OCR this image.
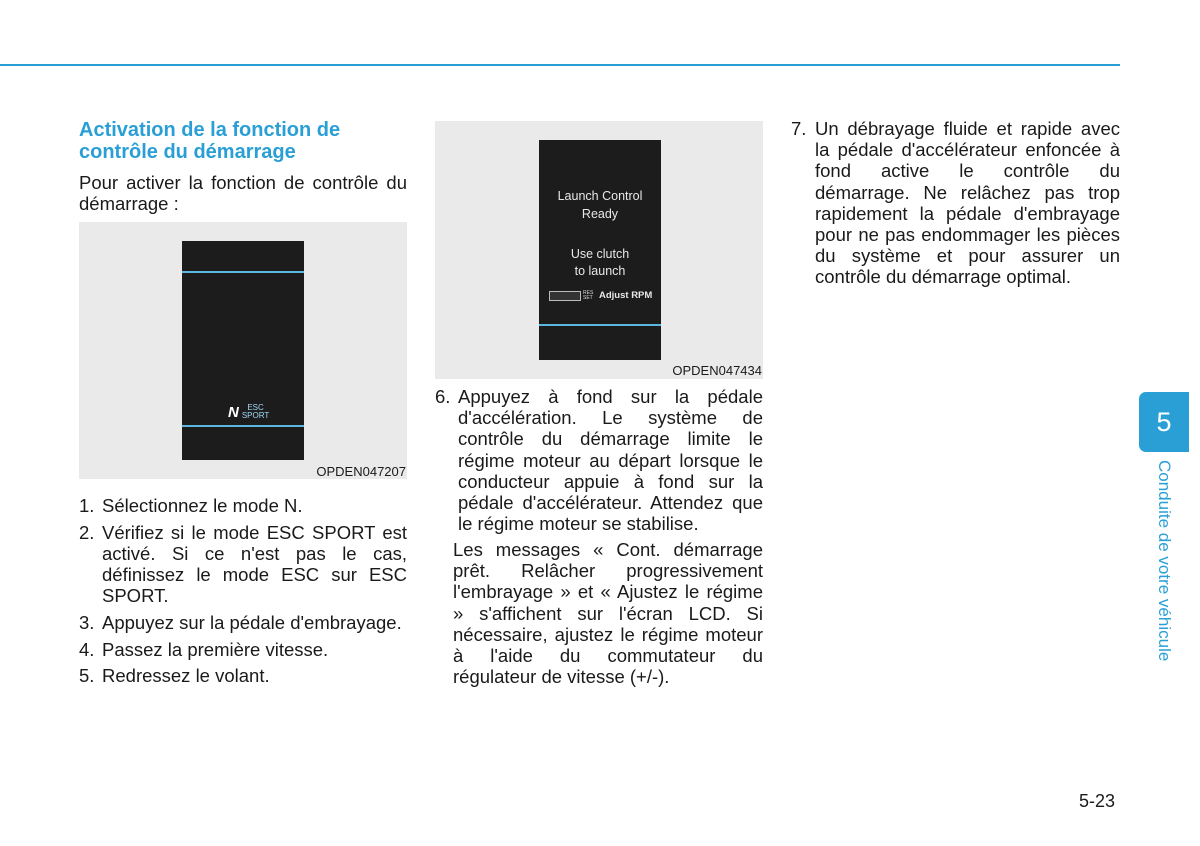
Activation de la fonction de contrôle du démarrage
Pour activer la fonction de contrôle du démarrage :
N	ESC
SPORT
OPDEN047207
1. Sélectionnez le mode N.
2. Vérifiez si le mode ESC SPORT est activé. Si ce n'est pas le cas, définissez le mode ESC sur ESC SPORT.
3. Appuyez sur la pédale d'embrayage.
4. Passez la première vitesse.
5. Redressez le volant.
Launch Control
Ready
Use clutch
to launch
RES SET Adjust RPM
OPDEN047434
6. Appuyez à fond sur la pédale d'accélération. Le système de contrôle du démarrage limite le régime moteur au départ lorsque le conducteur appuie à fond sur la pédale d'accélérateur. Attendez que le régime moteur se stabilise.
Les messages « Cont. démarrage prêt. Relâcher progressivement l'embrayage » et « Ajustez le régime » s'affichent sur l'écran LCD. Si nécessaire, ajustez le régime moteur à l'aide du commutateur du régulateur de vitesse (+/-).
7. Un débrayage fluide et rapide avec la pédale d'accélérateur enfoncée à fond active le contrôle du démarrage. Ne relâchez pas trop rapidement la pédale d'embrayage pour ne pas endommager les pièces du système et pour assurer un contrôle du démarrage optimal.
5
Conduite de votre véhicule
5-23
